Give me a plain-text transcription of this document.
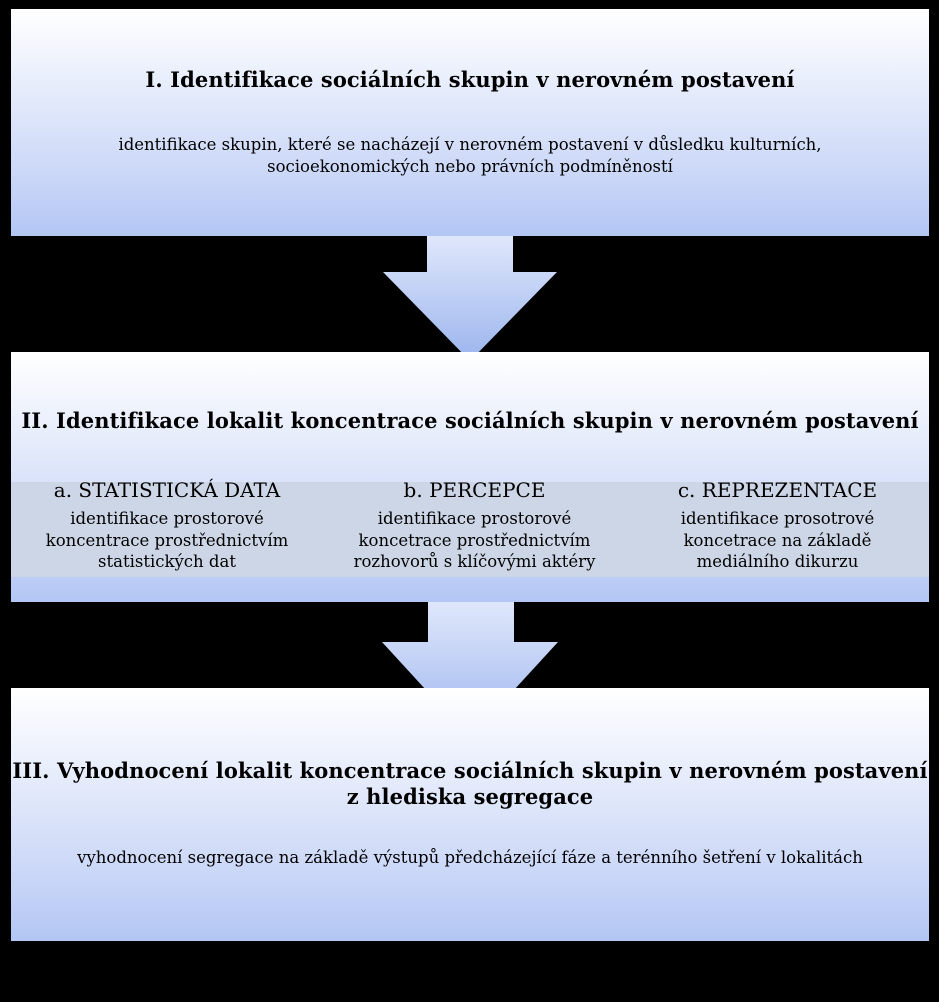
I. Identifikace sociálních skupin v nerovném postavení
identifikace skupin, které se nacházejí v nerovném postavení v důsledku kulturních,
socioekonomických nebo právních podmíněností
II. Identifikace lokalit koncentrace sociálních skupin v nerovném postavení
a. STATISTICKÁ DATA
identifikace prostorové
koncentrace prostřednictvím
statistických dat
b. PERCEPCE
identifikace prostorové
koncetrace prostřednictvím
rozhovorů s klíčovými aktéry
c. REPREZENTACE
identifikace prosotrové
koncetrace na základě
mediálního dikurzu
III. Vyhodnocení lokalit koncentrace sociálních skupin v nerovném postavení
z hlediska segregace
vyhodnocení segregace na základě výstupů předcházející fáze a terénního šetření v lokalitách
